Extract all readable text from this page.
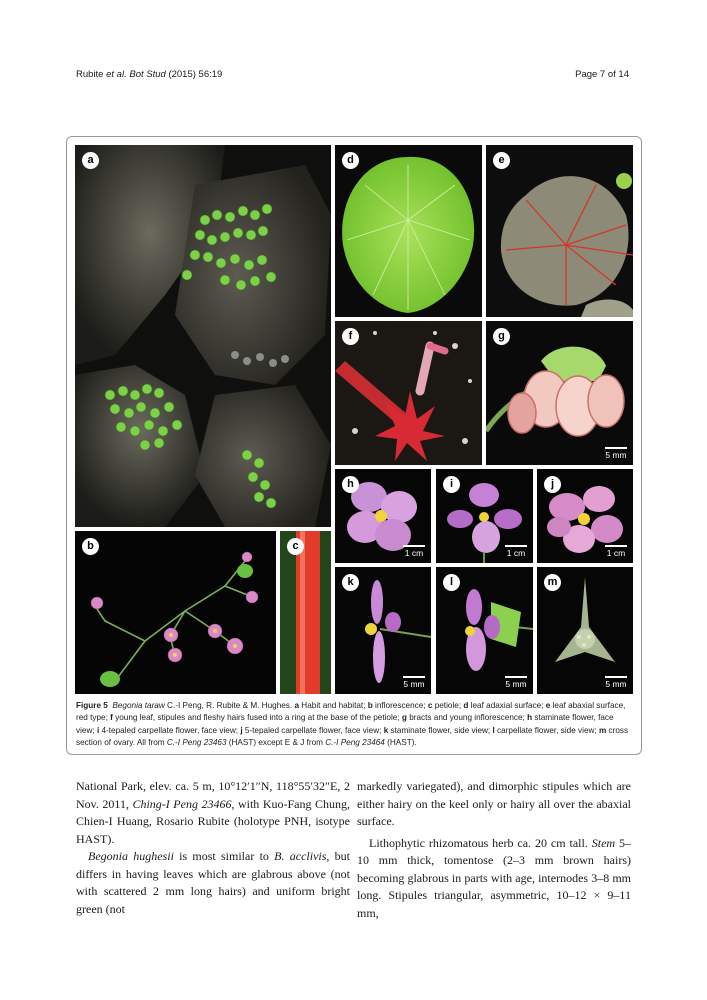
Rubite et al. Bot Stud (2015) 56:19	Page 7 of 14
a
b	c
d	e
f	g
5 mm
h
1 cm
i
1 cm
j
1 cm
k
5 mm
l
5 mm
m
5 mm
Figure 5 Begonia taraw C.-I Peng, R. Rubite & M. Hughes. a Habit and habitat; b inflorescence; c petiole; d leaf adaxial surface; e leaf abaxial surface, red type; f young leaf, stipules and fleshy hairs fused into a ring at the base of the petiole; g bracts and young inflorescence; h staminate flower, face view; i 4-tepaled carpellate flower, face view; j 5-tepaled carpellate flower, face view; k staminate flower, side view; l carpellate flower, side view; m cross section of ovary. All from C.-I Peng 23463 (HAST) except E & J from C.-I Peng 23464 (HAST).

National Park, elev. ca. 5 m, 10°12′1″N, 118°55′32″E, 2 Nov. 2011, Ching-I Peng 23466, with Kuo-Fang Chung, Chien-I Huang, Rosario Rubite (holotype PNH, isotype HAST).

Begonia hughesii is most similar to B. acclivis, but differs in having leaves which are glabrous above (not with scattered 2 mm long hairs) and uniform bright green (not

markedly variegated), and dimorphic stipules which are either hairy on the keel only or hairy all over the abaxial surface.

Lithophytic rhizomatous herb ca. 20 cm tall. Stem 5–10 mm thick, tomentose (2–3 mm brown hairs) becoming glabrous in parts with age, internodes 3–8 mm long. Stipules triangular, asymmetric, 10–12 × 9–11 mm,
